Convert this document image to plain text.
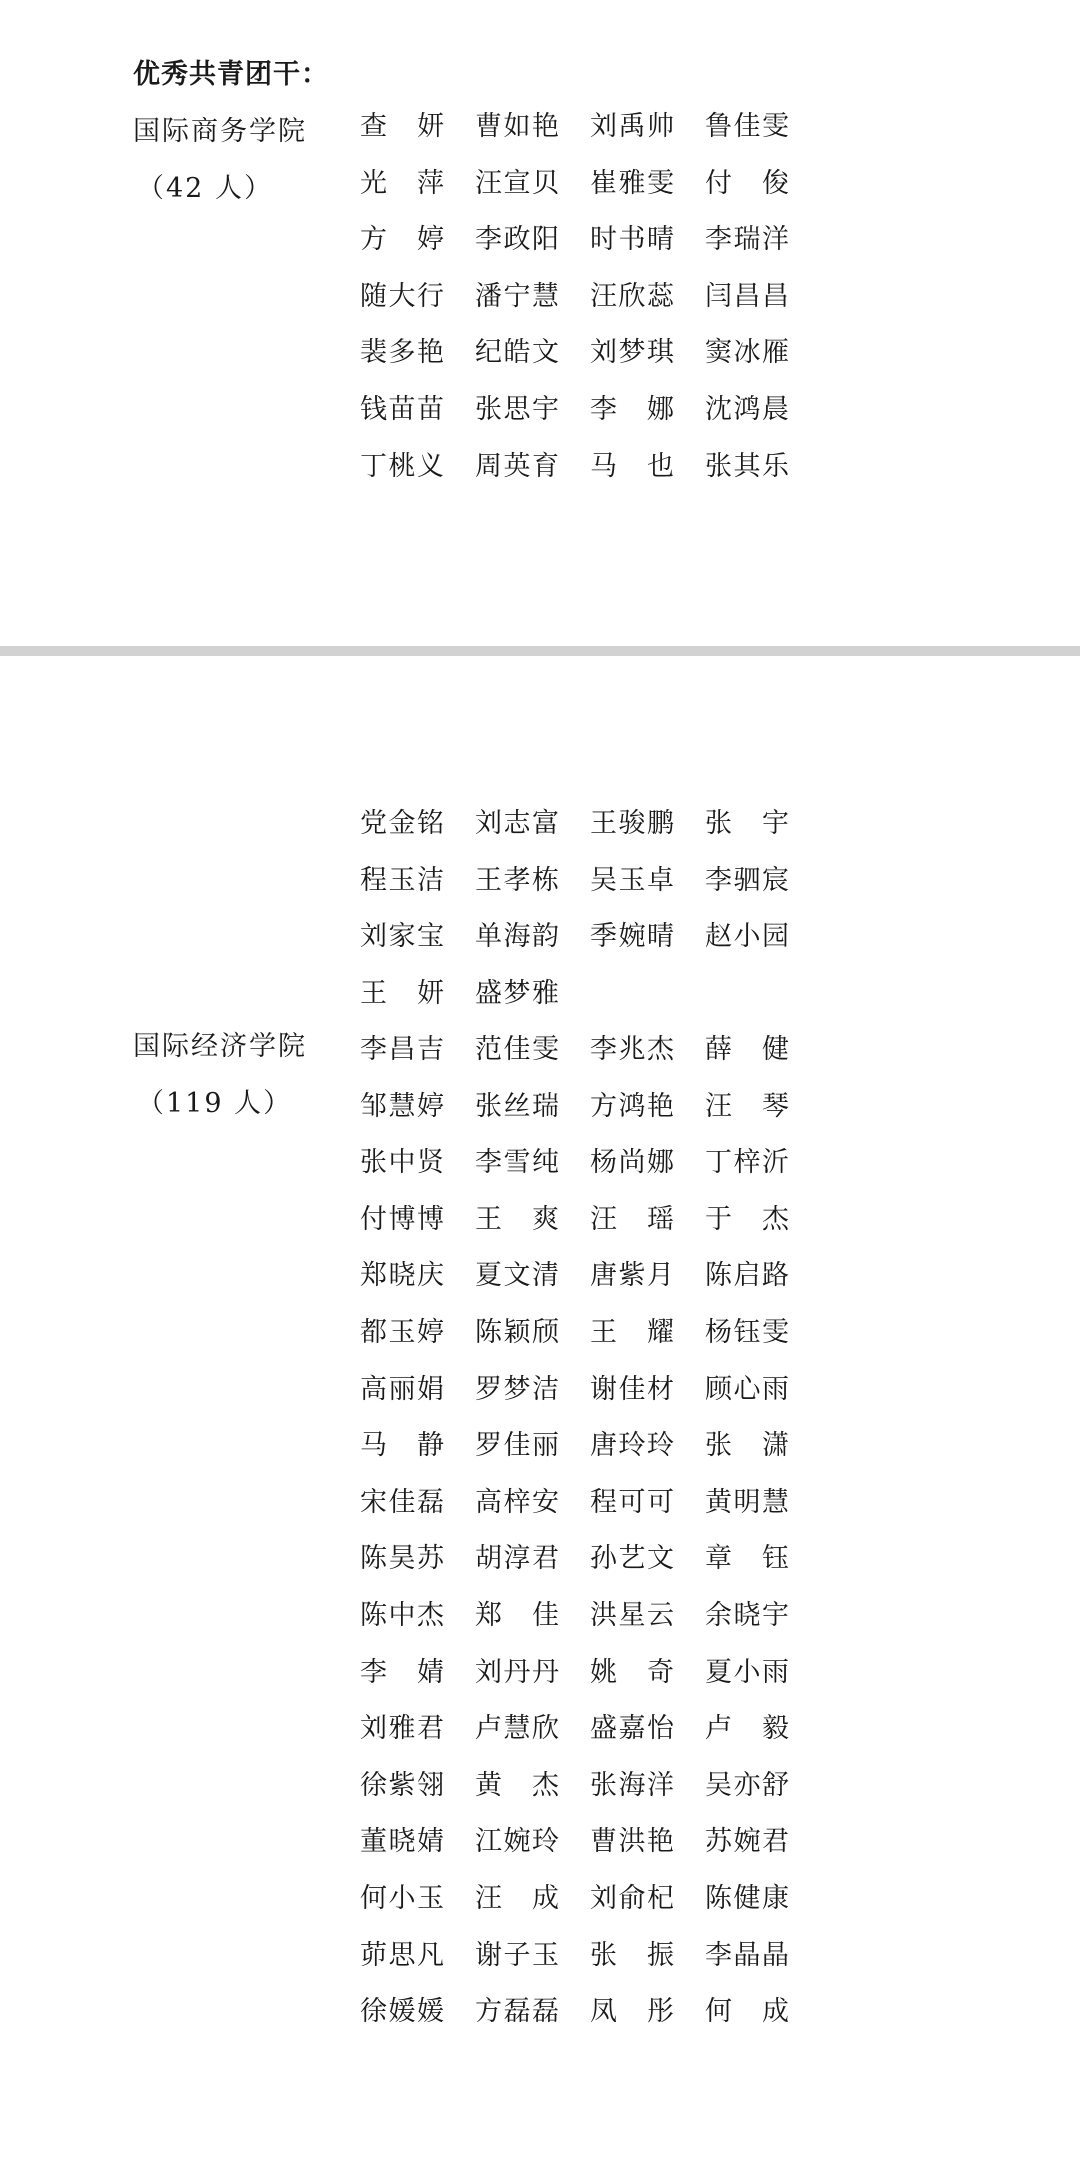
优秀共青团干：
国际商务学院
（42 人）
查 妍 曹如艳 刘禹帅 鲁佳雯
光 萍 汪宣贝 崔雅雯 付 俊
方 婷 李政阳 时书晴 李瑞洋
随大行 潘宁慧 汪欣蕊 闫昌昌
裴多艳 纪皓文 刘梦琪 窦冰雁
钱苗苗 张思宇 李 娜 沈鸿晨
丁桃义 周英育 马 也 张其乐
党金铭 刘志富 王骏鹏 张 宇
程玉洁 王孝栋 吴玉卓 李驷宸
刘家宝 单海韵 季婉晴 赵小园
王 妍 盛梦雅
国际经济学院
（119 人）
李昌吉 范佳雯 李兆杰 薛 健
邹慧婷 张丝瑞 方鸿艳 汪 琴
张中贤 李雪纯 杨尚娜 丁梓沂
付博博 王 爽 汪 瑶 于 杰
郑晓庆 夏文清 唐紫月 陈启路
都玉婷 陈颖颀 王 耀 杨钰雯
高丽娟 罗梦洁 谢佳材 顾心雨
马 静 罗佳丽 唐玲玲 张 潇
宋佳磊 高梓安 程可可 黄明慧
陈昊苏 胡淳君 孙艺文 章 钰
陈中杰 郑 佳 洪星云 余晓宇
李 婧 刘丹丹 姚 奇 夏小雨
刘雅君 卢慧欣 盛嘉怡 卢 毅
徐紫翎 黄 杰 张海洋 吴亦舒
董晓婧 江婉玲 曹洪艳 苏婉君
何小玉 汪 成 刘俞杞 陈健康
茆思凡 谢子玉 张 振 李晶晶
徐媛媛 方磊磊 凤 彤 何 成
